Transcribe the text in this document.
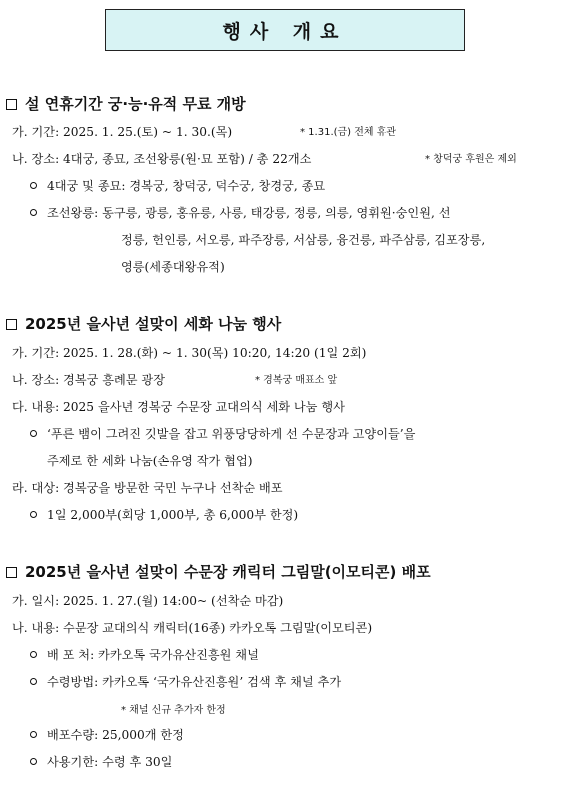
행사 개요
설 연휴기간 궁·능·유적 무료 개방
가. 기간: 2025. 1. 25.(토) ~ 1. 30.(목)	* 1.31.(금) 전체 휴관
나. 장소: 4대궁, 종묘, 조선왕릉(원·묘 포함) / 총 22개소	* 창덕궁 후원은 제외
4대궁 및 종묘: 경복궁, 창덕궁, 덕수궁, 창경궁, 종묘
조선왕릉: 동구릉, 광릉, 홍유릉, 사릉, 태강릉, 정릉, 의릉, 영휘원·숭인원, 선
정릉, 헌인릉, 서오릉, 파주장릉, 서삼릉, 융건릉, 파주삼릉, 김포장릉,
영릉(세종대왕유적)
2025년 을사년 설맞이 세화 나눔 행사
가. 기간: 2025. 1. 28.(화) ~ 1. 30(목) 10:20, 14:20 (1일 2회)
나. 장소: 경복궁 흥례문 광장	* 경복궁 매표소 앞
다. 내용: 2025 을사년 경복궁 수문장 교대의식 세화 나눔 행사
‘푸른 뱀이 그려진 깃발을 잡고 위풍당당하게 선 수문장과 고양이들’을
주제로 한 세화 나눔(손유영 작가 협업)
라. 대상: 경복궁을 방문한 국민 누구나 선착순 배포
1일 2,000부(회당 1,000부, 총 6,000부 한정)
2025년 을사년 설맞이 수문장 캐릭터 그림말(이모티콘) 배포
가. 일시: 2025. 1. 27.(월) 14:00~ (선착순 마감)
나. 내용: 수문장 교대의식 캐릭터(16종) 카카오톡 그림말(이모티콘)
배 포 처: 카카오톡 국가유산진흥원 채널
수령방법: 카카오톡 ‘국가유산진흥원’ 검색 후 채널 추가
* 채널 신규 추가자 한정
배포수량: 25,000개 한정
사용기한: 수령 후 30일
